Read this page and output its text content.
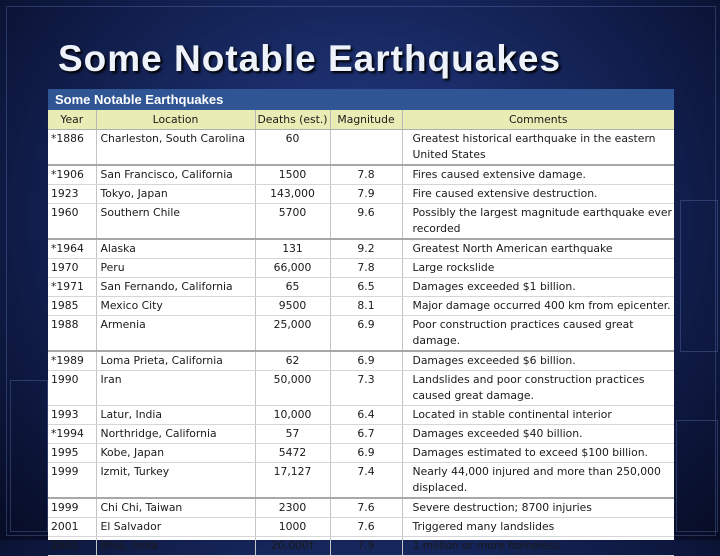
Some Notable Earthquakes
Some Notable Earthquakes
Year	Location	Deaths (est.)	Magnitude	Comments
*1886	Charleston, South Carolina	60		Greatest historical earthquake in the eastern United States
*1906	San Francisco, California	1500	7.8	Fires caused extensive damage.
1923	Tokyo, Japan	143,000	7.9	Fire caused extensive destruction.
1960	Southern Chile	5700	9.6	Possibly the largest magnitude earthquake ever recorded
*1964	Alaska	131	9.2	Greatest North American earthquake
1970	Peru	66,000	7.8	Large rockslide
*1971	San Fernando, California	65	6.5	Damages exceeded $1 billion.
1985	Mexico City	9500	8.1	Major damage occurred 400 km from epicenter.
1988	Armenia	25,000	6.9	Poor construction practices caused great damage.
*1989	Loma Prieta, California	62	6.9	Damages exceeded $6 billion.
1990	Iran	50,000	7.3	Landslides and poor construction practices caused great damage.
1993	Latur, India	10,000	6.4	Located in stable continental interior
*1994	Northridge, California	57	6.7	Damages exceeded $40 billion.
1995	Kobe, Japan	5472	6.9	Damages estimated to exceed $100 billion.
1999	Izmit, Turkey	17,127	7.4	Nearly 44,000 injured and more than 250,000 displaced.
1999	Chi Chi, Taiwan	2300	7.6	Severe destruction; 8700 injuries
2001	El Salvador	1000	7.6	Triggered many landslides
2001	Bhuj, India	20,000†	7.9	1 million or more homeless
